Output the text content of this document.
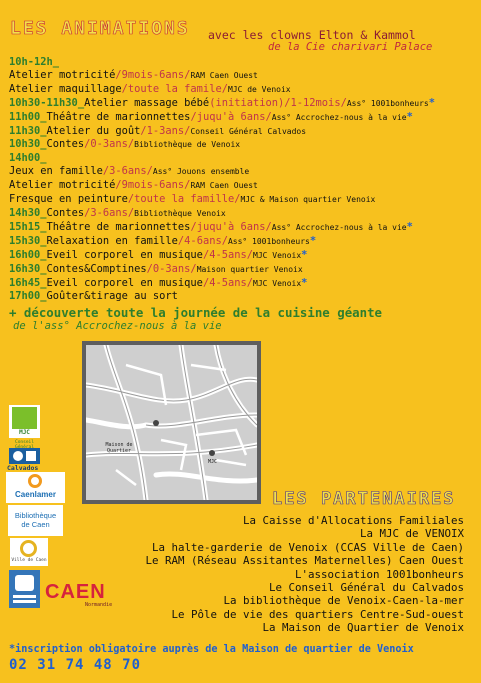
LES ANIMATIONS avec les clowns Elton & Kammol
de la Cie charivari Palace
10h-12h_
Atelier motricité/9mois-6ans/RAM Caen Ouest
Atelier maquillage/toute la famile/MJC de Venoix
10h30-11h30_Atelier massage bébé(initiation)/1-12mois/Ass° 1001bonheurs*
11h00_Théâtre de marionnettes/juqu'à 6ans/Ass° Accrochez-nous à la vie*
11h30_Atelier du goût/1-3ans/Conseil Général Calvados
10h30_Contes/0-3ans/Bibliothèque de Venoix
14h00_
Jeux en famille/3-6ans/Ass° Jouons ensemble
Atelier motricité/9mois-6ans/RAM Caen Ouest
Fresque en peinture/toute la famille/MJC & Maison quartier Venoix
14h30_Contes/3-6ans/Bibliothèque Venoix
15h15_Théâtre de marionnettes/juqu'à 6ans/Ass° Accrochez-nous à la vie*
15h30_Relaxation en famille/4-6ans/Ass° 1001bonheurs*
16h00_Eveil corporel en musique/4-5ans/MJC Venoix*
16h30_Contes&Comptines/0-3ans/Maison quartier Venoix
16h45_Eveil corporel en musique/4-5ans/MJC Venoix*
17h00_Goûter&tirage au sort
+ découverte toute la journée de la cuisine géante
de l'ass° Accrochez-nous à la vie
Maison de Quartier
MJC
LES PARTENAIRES
La Caisse d'Allocations Familiales
La MJC de VENOIX
La halte-garderie de Venoix (CCAS Ville de Caen)
Le RAM (Réseau Assitantes Maternelles) Caen Ouest
L'association 1001bonheurs
Le Conseil Général du Calvados
La bibliothèque de Venoix-Caen-la-mer
Le Pôle de vie des quartiers Centre-Sud-ouest
La Maison de Quartier de Venoix
MJC
Conseil
Calvados
Caenlamer
Bibliothèque de Caen
Ville de Caen
CAEN
Normandie
*inscription obligatoire auprès de la Maison de quartier de Venoix
02 31 74 48 70
